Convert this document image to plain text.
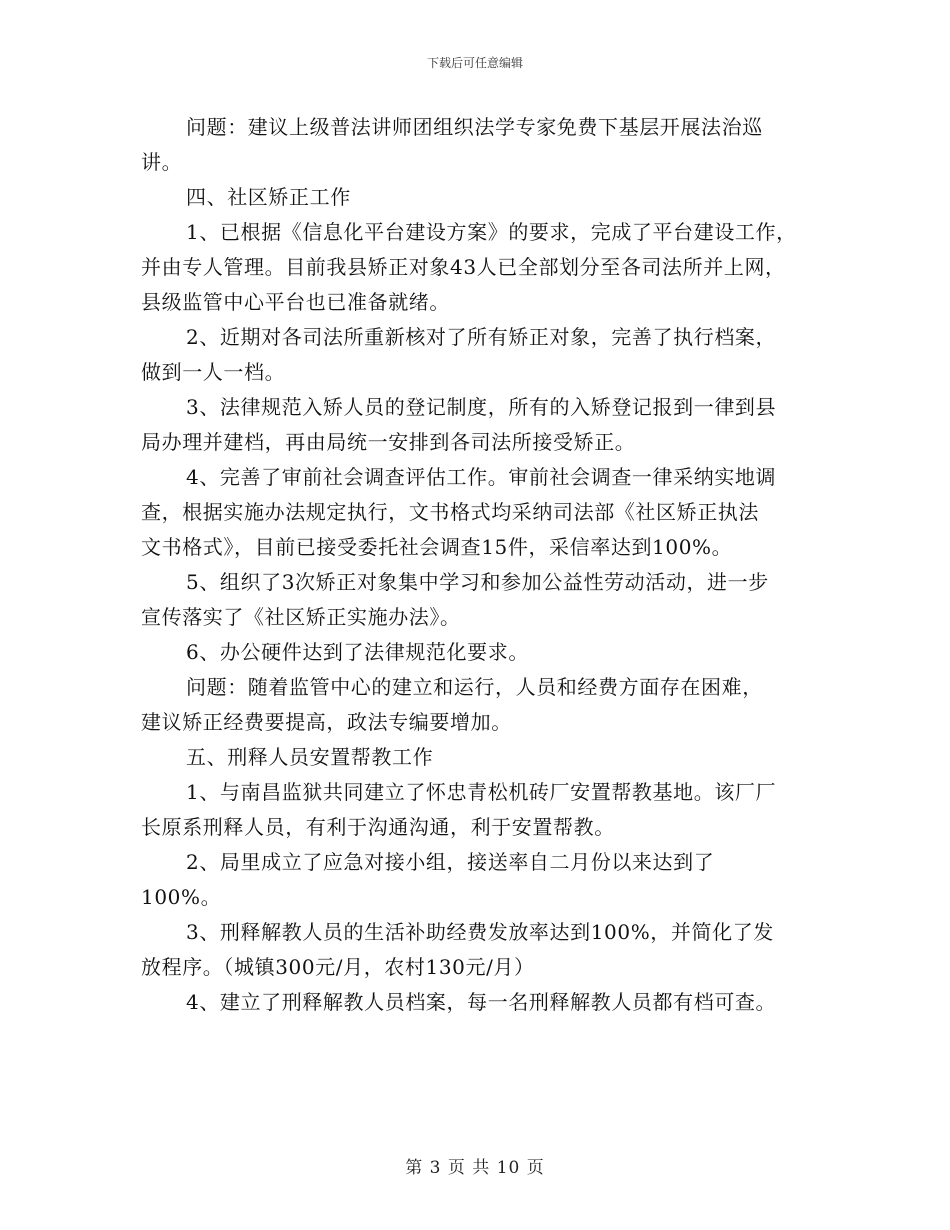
下载后可任意编辑
问题：建议上级普法讲师团组织法学专家免费下基层开展法治巡
讲。
四、社区矫正工作
1、已根据《信息化平台建设方案》的要求，完成了平台建设工作，
并由专人管理。目前我县矫正对象43人已全部划分至各司法所并上网，
县级监管中心平台也已准备就绪。
2、近期对各司法所重新核对了所有矫正对象，完善了执行档案，
做到一人一档。
3、法律规范入矫人员的登记制度，所有的入矫登记报到一律到县
局办理并建档，再由局统一安排到各司法所接受矫正。
4、完善了审前社会调查评估工作。审前社会调查一律采纳实地调
查，根据实施办法规定执行，文书格式均采纳司法部《社区矫正执法
文书格式》，目前已接受委托社会调查15件，采信率达到100%。
5、组织了3次矫正对象集中学习和参加公益性劳动活动，进一步
宣传落实了《社区矫正实施办法》。
6、办公硬件达到了法律规范化要求。
问题：随着监管中心的建立和运行，人员和经费方面存在困难，
建议矫正经费要提高，政法专编要增加。
五、刑释人员安置帮教工作
1、与南昌监狱共同建立了怀忠青松机砖厂安置帮教基地。该厂厂
长原系刑释人员，有利于沟通沟通，利于安置帮教。
2、局里成立了应急对接小组，接送率自二月份以来达到了
100%。
3、刑释解教人员的生活补助经费发放率达到100%，并简化了发
放程序。（城镇300元/月，农村130元/月）
4、建立了刑释解教人员档案，每一名刑释解教人员都有档可查。
第 3 页 共 10 页
